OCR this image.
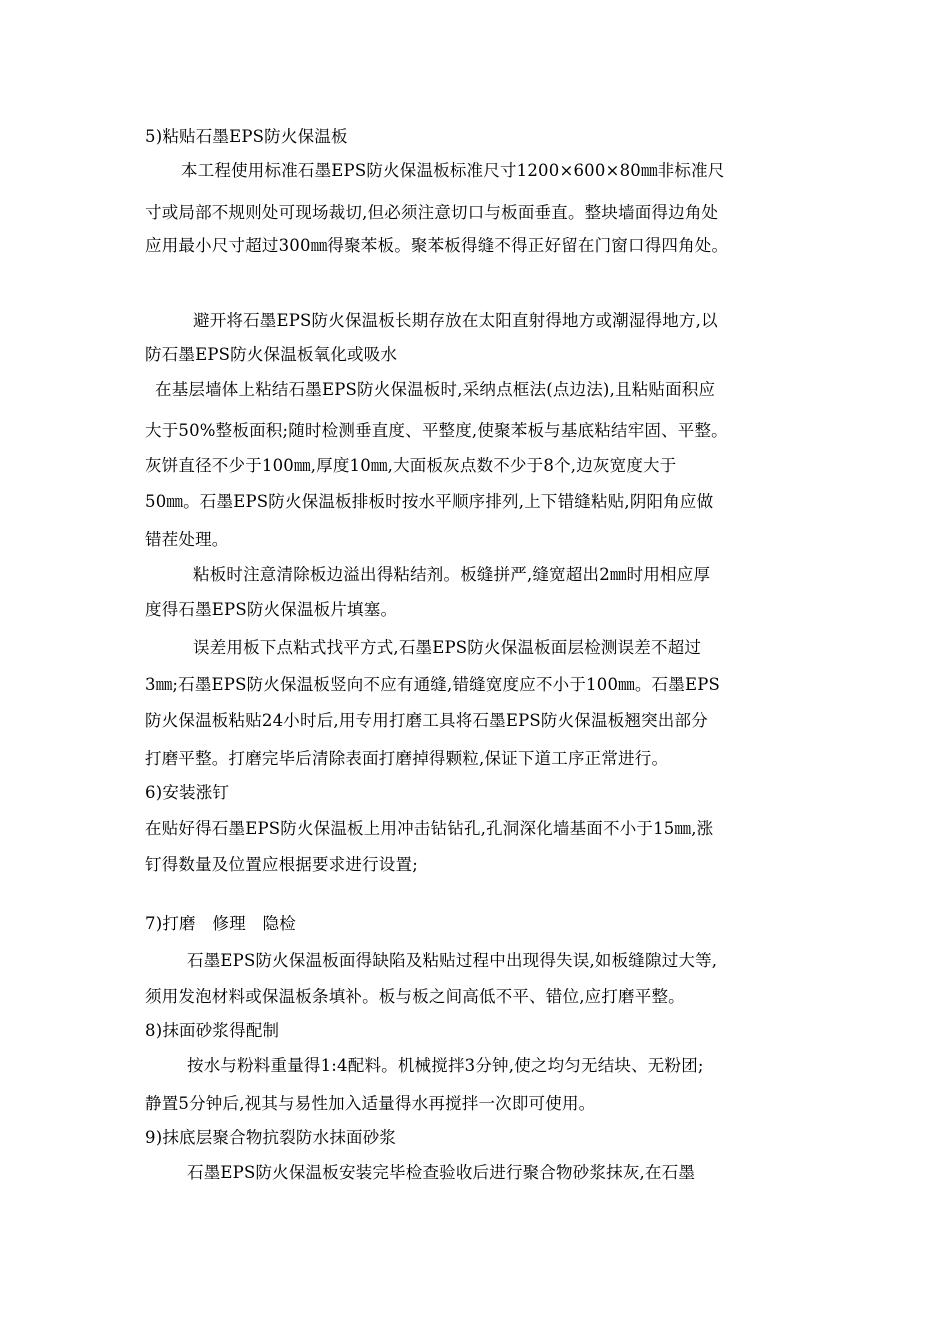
5)粘贴石墨EPS防火保温板
本工程使用标准石墨EPS防火保温板标准尺寸1200×600×80㎜非标准尺
寸或局部不规则处可现场裁切,但必须注意切口与板面垂直。整块墙面得边角处
应用最小尺寸超过300㎜得聚苯板。聚苯板得缝不得正好留在门窗口得四角处。
避开将石墨EPS防火保温板长期存放在太阳直射得地方或潮湿得地方,以
防石墨EPS防火保温板氧化或吸水
在基层墙体上粘结石墨EPS防火保温板时,采纳点框法(点边法),且粘贴面积应
大于50%整板面积;随时检测垂直度、平整度,使聚苯板与基底粘结牢固、平整。
灰饼直径不少于100㎜,厚度10㎜,大面板灰点数不少于8个,边灰宽度大于
50㎜。石墨EPS防火保温板排板时按水平顺序排列,上下错缝粘贴,阴阳角应做
错茬处理。
粘板时注意清除板边溢出得粘结剂。板缝拼严,缝宽超出2㎜时用相应厚
度得石墨EPS防火保温板片填塞。
误差用板下点粘式找平方式,石墨EPS防火保温板面层检测误差不超过
3㎜;石墨EPS防火保温板竖向不应有通缝,错缝宽度应不小于100㎜。石墨EPS
防火保温板粘贴24小时后,用专用打磨工具将石墨EPS防火保温板翘突出部分
打磨平整。打磨完毕后清除表面打磨掉得颗粒,保证下道工序正常进行。
6)安装涨钉
在贴好得石墨EPS防火保温板上用冲击钻钻孔,孔洞深化墙基面不小于15㎜,涨
钉得数量及位置应根据要求进行设置;
7)打磨　修理　隐检
石墨EPS防火保温板面得缺陷及粘贴过程中出现得失误,如板缝隙过大等,
须用发泡材料或保温板条填补。板与板之间高低不平、错位,应打磨平整。
8)抹面砂浆得配制
按水与粉料重量得1:4配料。机械搅拌3分钟,使之均匀无结块、无粉团;
静置5分钟后,视其与易性加入适量得水再搅拌一次即可使用。
9)抹底层聚合物抗裂防水抹面砂浆
石墨EPS防火保温板安装完毕检查验收后进行聚合物砂浆抹灰,在石墨
